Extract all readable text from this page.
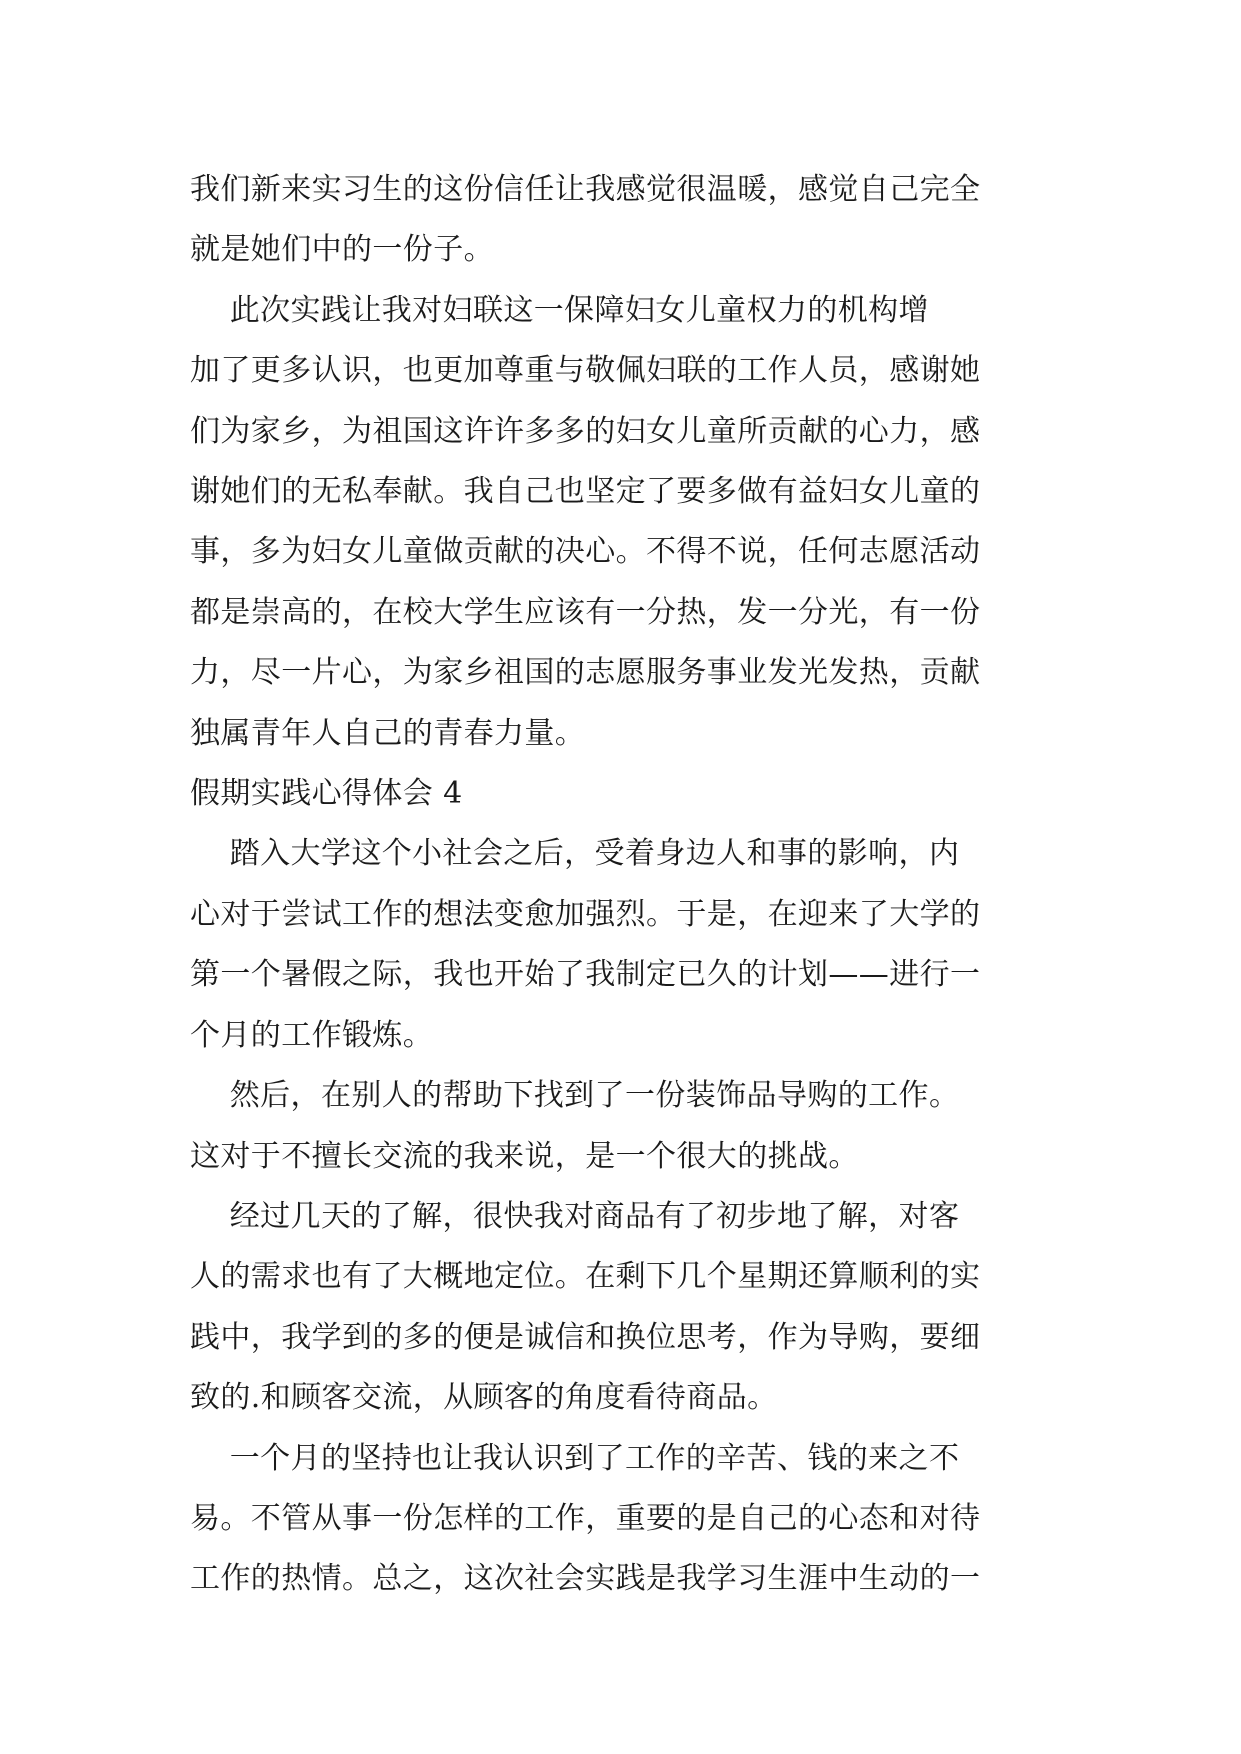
我们新来实习生的这份信任让我感觉很温暖，感觉自己完全
就是她们中的一份子。

此次实践让我对妇联这一保障妇女儿童权力的机构增
加了更多认识，也更加尊重与敬佩妇联的工作人员，感谢她
们为家乡，为祖国这许许多多的妇女儿童所贡献的心力，感
谢她们的无私奉献。我自己也坚定了要多做有益妇女儿童的
事，多为妇女儿童做贡献的决心。不得不说，任何志愿活动
都是崇高的，在校大学生应该有一分热，发一分光，有一份
力，尽一片心，为家乡祖国的志愿服务事业发光发热，贡献
独属青年人自己的青春力量。

假期实践心得体会 4

踏入大学这个小社会之后，受着身边人和事的影响，内
心对于尝试工作的想法变愈加强烈。于是，在迎来了大学的
第一个暑假之际，我也开始了我制定已久的计划——进行一
个月的工作锻炼。

然后，在别人的帮助下找到了一份装饰品导购的工作。
这对于不擅长交流的我来说，是一个很大的挑战。

经过几天的了解，很快我对商品有了初步地了解，对客
人的需求也有了大概地定位。在剩下几个星期还算顺利的实
践中，我学到的多的便是诚信和换位思考，作为导购，要细
致的.和顾客交流，从顾客的角度看待商品。

一个月的坚持也让我认识到了工作的辛苦、钱的来之不
易。不管从事一份怎样的工作，重要的是自己的心态和对待
工作的热情。总之，这次社会实践是我学习生涯中生动的一
